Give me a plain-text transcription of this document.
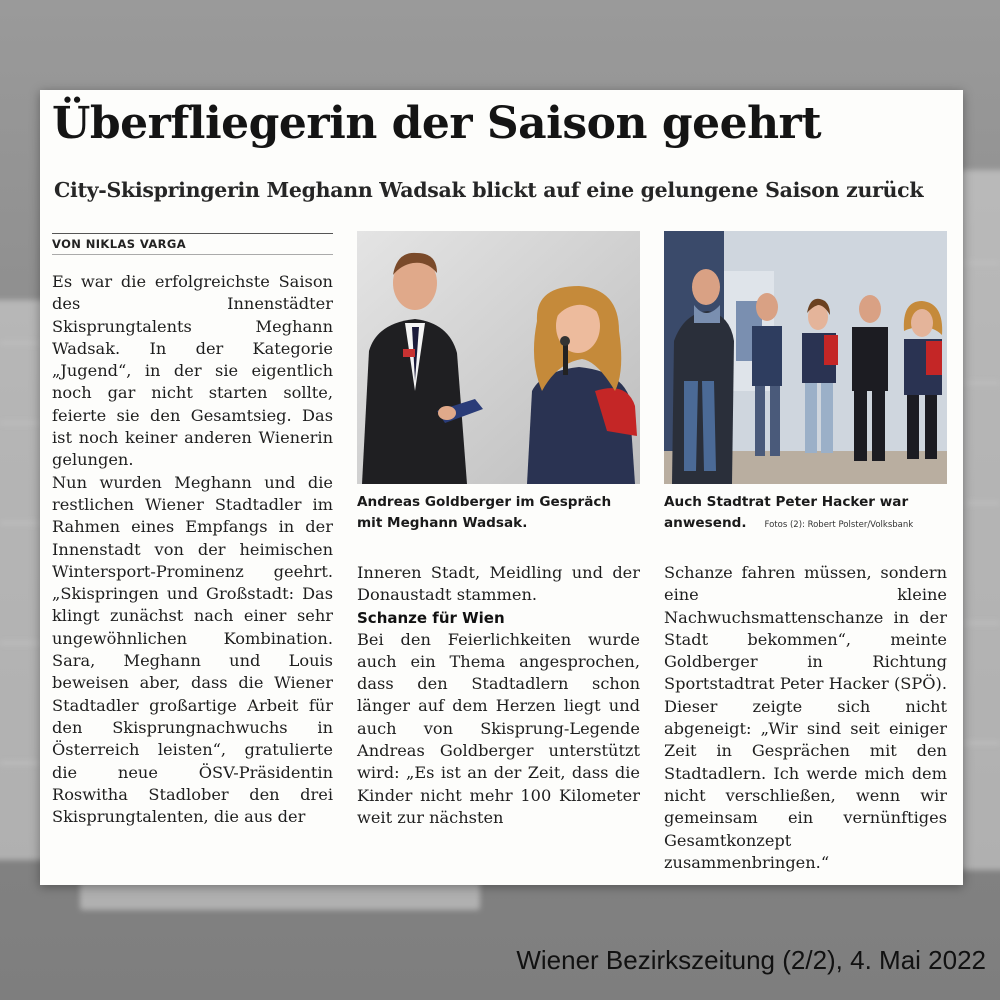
Überfliegerin der Saison geehrt
City-Skispringerin Meghann Wadsak blickt auf eine gelungene Saison zurück
VON NIKLAS VARGA

Es war die erfolgreichste Saison des Innenstädter Skisprungtalents Meghann Wadsak. In der Kategorie „Jugend“, in der sie eigentlich noch gar nicht starten sollte, feierte sie den Gesamtsieg. Das ist noch keiner anderen Wienerin gelungen.

Nun wurden Meghann und die restlichen Wiener Stadtadler im Rahmen eines Empfangs in der Innenstadt von der heimischen Wintersport-Prominenz geehrt. „Skispringen und Großstadt: Das klingt zunächst nach einer sehr ungewöhnlichen Kombination. Sara, Meghann und Louis beweisen aber, dass die Wiener Stadtadler großartige Arbeit für den Skisprungnachwuchs in Österreich leisten“, gratulierte die neue ÖSV-Präsidentin Roswitha Stadlober den drei Skisprungtalenten, die aus der

Andreas Goldberger im Gespräch mit Meghann Wadsak.

Auch Stadtrat Peter Hacker war anwesend. Fotos (2): Robert Polster/Volksbank

Inneren Stadt, Meidling und der Donaustadt stammen.

Schanze für Wien

Bei den Feierlichkeiten wurde auch ein Thema angesprochen, dass den Stadtadlern schon länger auf dem Herzen liegt und auch von Skisprung-Legende Andreas Goldberger unterstützt wird: „Es ist an der Zeit, dass die Kinder nicht mehr 100 Kilometer weit zur nächsten

Schanze fahren müssen, sondern eine kleine Nachwuchsmattenschanze in der Stadt bekommen“, meinte Goldberger in Richtung Sportstadtrat Peter Hacker (SPÖ). Dieser zeigte sich nicht abgeneigt: „Wir sind seit einiger Zeit in Gesprächen mit den Stadtadlern. Ich werde mich dem nicht verschließen, wenn wir gemeinsam ein vernünftiges Gesamtkonzept zusammenbringen.“

Wiener Bezirkszeitung (2/2), 4. Mai 2022
